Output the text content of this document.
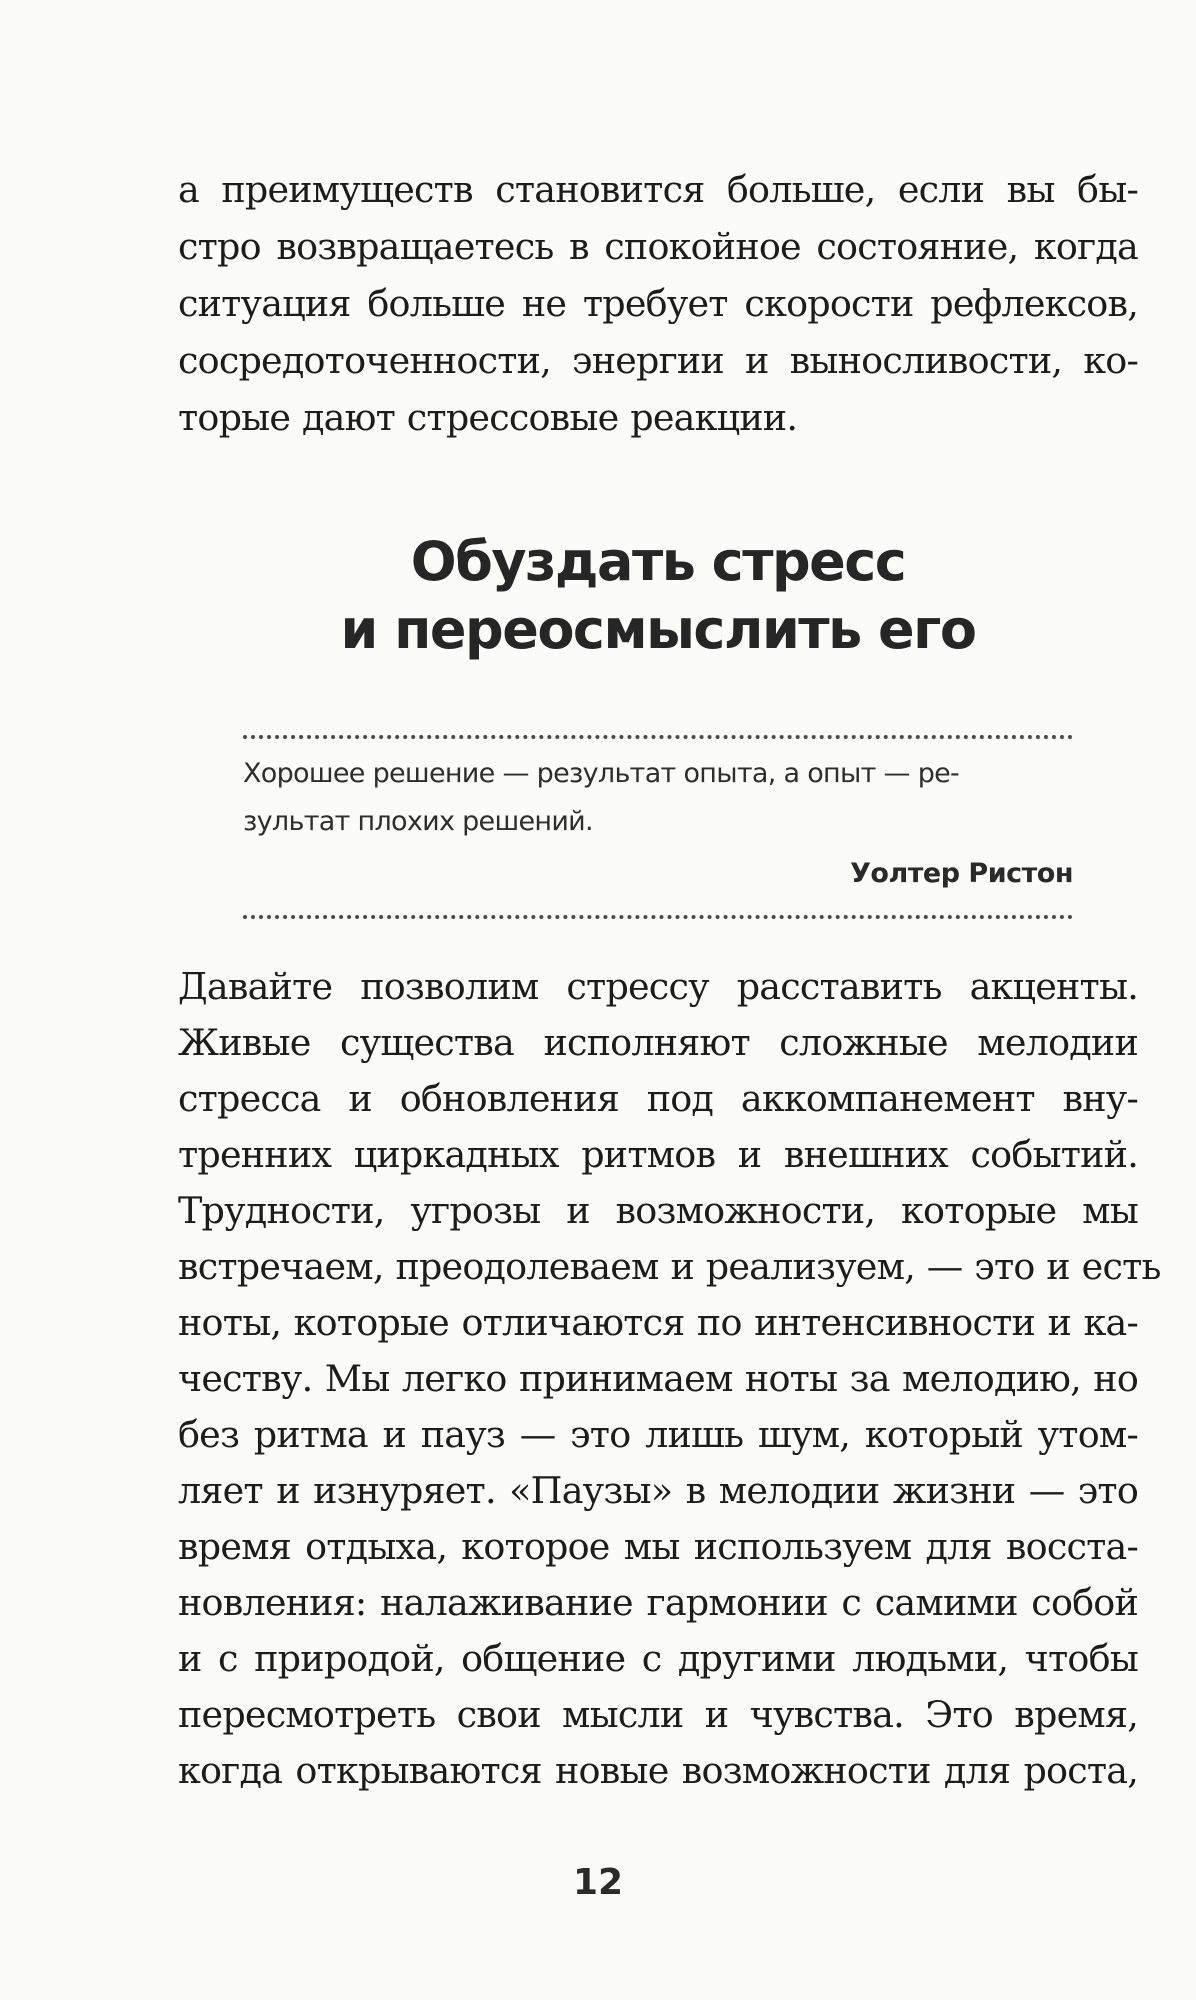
а преимуществ становится больше, если вы бы-
стро возвращаетесь в спокойное состояние, когда
ситуация больше не требует скорости рефлексов,
сосредоточенности, энергии и выносливости, ко-
торые дают стрессовые реакции.
Обуздать стресс
и переосмыслить его
Хорошее решение — результат опыта, а опыт — ре-
зультат плохих решений.
Уолтер Ристон
Давайте позволим стрессу расставить акценты.
Живые существа исполняют сложные мелодии
стресса и обновления под аккомпанемент вну-
тренних циркадных ритмов и внешних событий.
Трудности, угрозы и возможности, которые мы
встречаем, преодолеваем и реализуем, — это и есть
ноты, которые отличаются по интенсивности и ка-
честву. Мы легко принимаем ноты за мелодию, но
без ритма и пауз — это лишь шум, который утом-
ляет и изнуряет. «Паузы» в мелодии жизни — это
время отдыха, которое мы используем для восста-
новления: налаживание гармонии с самими собой
и с природой, общение с другими людьми, чтобы
пересмотреть свои мысли и чувства. Это время,
когда открываются новые возможности для роста,
12
